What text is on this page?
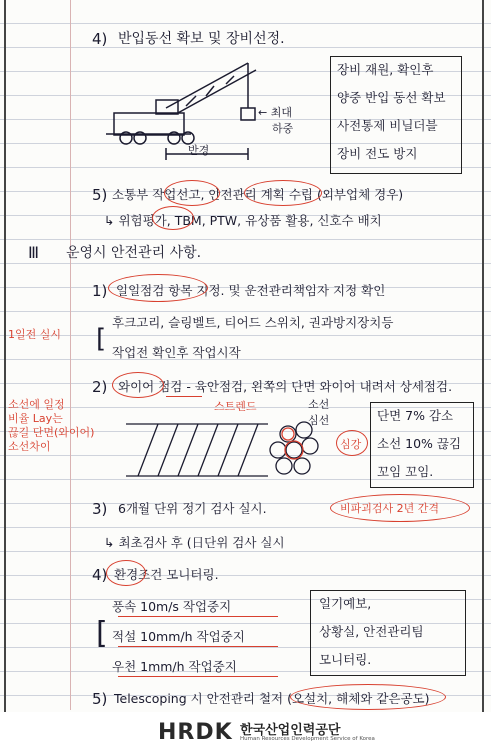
4) 반입동선 확보 및 장비선정.
← 최대
하중
반경
장비 재원, 확인후
양중 반입 동선 확보
사전통제 비닐더블
장비 전도 방지
5) 소통부 작업선고, 안전관리 계획 수립 (외부업체 경우)
↳ 위험평가, TBM, PTW, 유상품 활용, 신호수 배치
Ⅲ 운영시 안전관리 사항.
1) 일일점검 항목 지정. 및 운전관리책임자 지정 확인
1일전 실시 [
후크고리, 슬링벨트, 티어드 스위치, 권과방지장치등
작업전 확인후 작업시작
2) 와이어 점검 - 육안점검, 왼쪽의 단면 와이어 내려서 상세점검.
소선에 일정
비율 Lay는
끊길 단면(와이어)
소선차이
스트렌드	소선
심선
심강
단면 7% 감소
소선 10% 끊김
꼬임 꼬임.
3) 6개월 단위 정기 검사 실시.	비파괴검사 2년 간격
↳ 최초검사 후 (日단위 검사 실시
4) 환경조건 모니터링.
[
풍속 10m/s 작업중지
적설 10mm/h 작업중지
우천 1mm/h 작업중지
일기예보,
상황실, 안전관리팀
모니터링.
5) Telescoping 시 안전관리 철저 (오설치, 해체와 같은공도)
HRDK 한국산업인력공단
Human Resources Development Service of Korea
